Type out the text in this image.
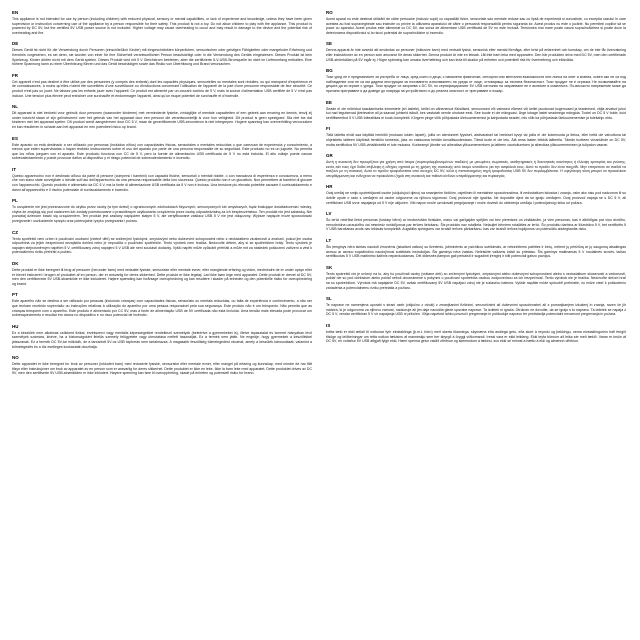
EN
This appliance is not intended for use by person (including children) with reduced physical, sensory or mental capabilities, or lack of experience and knowledge, unless they have been given supervision or instruction concerning use of the appliance by a person responsible for their safety. This product is not a toy. Do not allow children to play with the appliance. This product is powered by DC 5V, but the certified 5V USB power source is not included. Higher voltage may cause overheating to occur and may result in damage to the device and the potential risk of overheating and fire.
DE
Dieses Gerät ist nicht für die Verwendung durch Personen (einschließlich Kinder) mit eingeschränkten körperlichen, sensorischen oder geistigen Fähigkeiten oder mangelnder Erfahrung und Kenntnis vorgesehen, es sei denn, sie wurden von einer für ihre Sicherheit verantwortlichen Person beaufsichtigt oder in die Verwendung des Geräts eingewiesen. Dieses Produkt ist kein Spielzeug. Kinder dürfen nicht mit dem Gerät spielen. Dieses Produkt wird mit 5 V Gleichstrom betrieben, aber die zertifizierte 5-V-USB-Stromquelle ist nicht im Lieferumfang enthalten. Eine höhere Spannung kann zu einer Überhitzung führen und das Gerät beschädigen sowie das Risiko von Überhitzung und Brand verursachen.
FR
Cet appareil n'est pas destiné à être utilisé par des personnes (y compris des enfants) dont les capacités physiques, sensorielles ou mentales sont réduites, ou qui manquent d'expérience et de connaissances, à moins qu'elles n'aient été surveillées d'une surveillance ou d'instructions concernant l'utilisation de l'appareil de la part d'une personne responsable de leur sécurité. Ce produit n'est pas un jouet. Ne laissez pas les enfants jouer avec l'appareil. Ce produit est alimenté par un courant continu de 5 V, mais la source d'alimentation USB certifiée de 5 V n'est pas incluse. Une tension plus élevée peut entraîner une surchauffe et endommager l'appareil, ainsi qu'un risque potentiel de surchauffe et d'incendie.
NL
Dit apparaat is niet bedoeld voor gebruik door personen (waaronder kinderen) met verminderde fysieke, zintuiglijke of mentale capaciteiten of een gebrek aan ervaring en kennis, tenzij zij onder toezicht staan of zijn geïnstrueerd over het gebruik van het apparaat door een persoon die verantwoordelijk is voor hun veiligheid. Dit product is geen speelgoed. Sta niet toe dat kinderen met het apparaat spelen. Dit product wordt aangedreven door DC 5 V, maar de gecertificeerde USB-stroombron is niet inbegrepen. Hogere spanning kan oververhitting veroorzaken en kan resulteren in schade aan het apparaat en een potentieel risico op brand.
ES
Este aparato no está destinado a ser utilizado por personas (incluidos niños) con capacidades físicas, sensoriales o mentales reducidas o que carezcan de experiencia y conocimiento, a menos que estén supervisadas o hayan recibido instrucciones sobre el uso del aparato por parte de una persona responsable de su seguridad. Este producto no es un juguete. No permita que los niños jueguen con el aparato. Este producto funciona con CC de 5 V, pero la fuente de alimentación USB certificada de 5 V no está incluida. El alto voltaje puede causar sobrecalentamiento y puede provocar daños al dispositivo y el riesgo potencial de sobrecalentamiento e incendio.
IT
Questo apparecchio non è destinato all'uso da parte di persone (compresi i bambini) con capacità fisiche, sensoriali o mentali ridotte, o con mancanza di esperienza e conoscenza, a meno che non siano state sorvegliate o istruite sull'uso dell'apparecchio da una persona responsabile della loro sicurezza. Questo prodotto non è un giocattolo. Non permettere ai bambini di giocare con l'apparecchio. Questo prodotto è alimentato da DC 5 V, ma la fonte di alimentazione USB certificata da 5 V non è inclusa. Una tensione più elevata potrebbe causare il surriscaldamento e danni all'apparecchio e il rischio potenziale di surriscaldamento e incendio.
PL
To urządzenie nie jest przeznaczone do użytku przez osoby (w tym dzieci) o ograniczonych zdolnościach fizycznych, sensorycznych lub umysłowych, bądź brakujące doświadczenia i wiedzy, chyba że znajdują się pod nadzorem lub zostały poinstruowane o prawidłowym użytkowaniu urządzenia przez osobę odpowiedzialną za ich bezpieczeństwo. Ten produkt nie jest zabawką. Nie pozwalaj dzieciom bawić się urządzeniem. Ten produkt jest zasilany napięciem stałym 5 V, ale certyfikowane zasilacz USB 5 V nie jest dołączony. Wyższe napięcie może spowodować przegrzanie i uszkodzenie sprzętu oraz potencjalne ryzyko przegrzania i pożaru.
CZ
Tento spotřebič není určen k používání osobami (včetně dětí) se sníženými fyzickými, smyslovými nebo duševními schopnostmi nebo s nedostatkem zkušeností a znalostí, pokud jim osoba odpovědná za jejich bezpečnost nezajistila dohled nebo je nepoučila o používání spotřebiče. Tento výrobek není hračka. Nedovolte dětem, aby si se spotřebičem hrály. Tento výrobek je napájen stejnosměrným napětím 5 V, certifikovaný zdroj napájení 5 V USB ale není součástí dodávky. Vyšší napětí může způsobit přehřátí a může mít za následek poškození zařízení a vést k potenciálnímu riziku přehřátí a požáru.
DK
Dette produkt er ikke beregnet til brug af personer (herunder børn) med nedsatte fysiske, sensoriske eller mentale evner, eller manglende erfaring og viden, medmindre de er under opsyn eller er blevet instrueret i brugen af produktet af en person, der er ansvarlig for deres sikkerhed. Dette produkt er ikke legetøj. Lad ikke børn lege med apparatet. Dette produkt er drevet af DC 5V, men den certificerede 5V USB-strømkilde er ikke inkluderet. Højere spænding kan forårsage overophedning og kan resultere i skader på enheden og den potentielle risiko for overophedning og brand.
PT
Este aparelho não se destina a ser utilizado por pessoas (incluindo crianças) com capacidades físicas, sensoriais ou mentais reduzidas, ou falta de experiência e conhecimento, a não ser que tenham recebido supervisão ou instruções relativas à utilização do aparelho por uma pessoa responsável pela sua segurança. Este produto não é um brinquedo. Não permita que as crianças brinquem com o aparelho. Este produto é alimentado por CC 5V, mas a fonte de alimentação USB de 5V certificada não está incluída. Uma tensão mais elevada pode provocar um sobreaquecimento e resultar em danos no dispositivo e no risco potencial de incêndio.
HU
Ez a készülék nem alkalmas csökkent fizikai, érzékszervi vagy mentális képességekkel rendelkező személyek (beleértve a gyermekeket is), illetve tapasztalat és ismeret hiányában lévő személyek számára, kivéve, ha a biztonságukért felelős személy felügyelete vagy útmutatása mellett használják. Ez a termék nem játék. Ne engedje, hogy gyermekek a készülékkel játsszanak. Ez a termék DC 5V-tal működik, de a tanúsított 5V-os USB tápforrás nem tartalmazza. A magasabb feszültség túlmelegedést okozhat, amely a készülék károsodását, valamint a túlmelegedés és a tűz esetleges kockázatát okozhatja.
NO
Dette apparatet er ikke beregnet for bruk av personer (inkludert barn) med reduserte fysiske, sensoriske eller mentale evner, eller mangel på erfaring og kunnskap, med mindre de har fått tilsyn eller instruksjoner om bruk av apparatet av en person som er ansvarlig for deres sikkerhet. Dette produktet er ikke en leke. Ikke la barn leke med apparatet. Dette produktet drives av DC 5V, men den sertifiserte 5V USB-strømkilden er ikke inkludert. Høyere spenning kan føre til overoppheting, skade på enheten og potensiell risiko for brann.
RO
Acest aparat nu este destinat utilizării de către persoane (inclusiv copii) cu capacități fizice, senzoriale sau mentale reduse sau cu lipsă de experiență și cunoștințe, cu excepția cazului în care acestea au fost supravegheate sau instruite cu privire la utilizarea aparatului de către o persoană responsabilă pentru siguranța lor. Acest produs nu este o jucărie. Nu permiteți copiilor să se joace cu aparatul. Acest produs este alimentat cu DC 5V, dar sursa de alimentare USB certificată de 5V nu este inclusă. Tensiunea mai mare poate cauza supraîncălzirea și poate duce la deteriorarea dispozitivului și la riscul potențial de supraîncălzire și incendiu.
SE
Denna apparat är inte avsedd att användas av personer (inklusive barn) med nedsatt fysisk, sensorisk eller mental förmåga, eller brist på erfarenhet och kunskap, om de inte får övervakning eller instruktioner av en person som ansvarar för deras säkerhet. Denna produkt är inte en leksak. Låt inte barn leka med apparaten. Den här produkten drivs med DC 5V, men den certifierade USB-strömkällan på 5V ingår ej. Högre spänning kan orsaka överhettning och kan leda till skador på enheten och potentiell risk för överhettning och eldsvåda.
BG
Този уред не е предназначен за употреба от лица, сред които и деца, с намалени физически, сензорни или ментални възможности или липса на опит и знания, освен ако не са под наблюдение или не са им дадени инструкции за ползването използването на уреда от лице, отговарящо за тяхната безопасност. Този продукт не е играчка. Не позволявайте на децата да си играят с уреда. Този продукт се захранва с DC 5V, но сертифицираният 5V USB източник на захранване не е включен в комплекта. По-високото напрежение може да причини прегряване и да доведе до повреда на устройството и до реална опасност от прегряване и пожар.
EE
Seade ei ole mõeldud kasutamiseks inimestele (sh lastele), kellel on vähenenud füüsilised, sensoorsed või vaimsed võimed või kellel puuduvad kogemused ja teadmised, välja arvatud juhul kui nad tegutsevad järelevalve all ja saavad juhiseid isikult, kes vastutab nende ohutuse eest. See toode ei ole mänguasi. Ärge lubage lastel seadmega mängida. Tootel on DC 5 V toide, kuid sertifitseeritud 5 V USB toiteallikas ei kuulu komplekti. Kõrgem pinge võib põhjustada ülekuumenemist ja kahjustada seadet, mis võib ka põhjustada ülekuumenemise ja tulekahju ohtu.
FI
Tätä laitetta eivät saa käyttää henkilöt (mukaan lukien lapset), joilla on alentuneet fyysiset, aistivaraiset tai henkiset kyvyt tai joilla ei ole kokemusta ja tietoa, ellei heitä ole valvottuna tai ohjeistettu laitteen käytöstä henkilön toimesta, joka on vastuussa heidän turvallisuudestaan. Tämä tuote ei ole lelu. Älä anna lasten leikkiä laitteella. Tämän tuotteen virranlähde on DC 5V, mutta sertifioitua 5V USB-virtalähdettä ei tule mukana. Korkeampi jännite voi aiheuttaa ylikuumenemisen ja laitteen vaurioitumisen ja aiheuttaa ylikuumenemisen ja tulipalon vaaran.
GR
Αυτή η συσκευή δεν προορίζεται για χρήση από άτομα (συμπεριλαμβανομένων παιδιών) με μειωμένες σωματικές, αισθητηριακές ή διανοητικές ικανότητες ή έλλειψη εμπειρίας και γνώσης, εκτός εάν τους έχει δοθεί επίβλεψη ή οδηγίες σχετικά με τη χρήση της συσκευής από άτομο υπεύθυνο για την ασφάλειά τους. Αυτό το προϊόν δεν είναι παιχνίδι. Μην επιτρέπετε σε παιδιά να παίζουν με τη συσκευή. Αυτό το προϊόν τροφοδοτείται από συνεχές DC 5V, αλλά η πιστοποιημένη πηγή τροφοδοσίας USB 5V δεν περιλαμβάνεται. Η υψηλότερη τάση μπορεί να προκαλέσει υπερθέρμανση και ενδέχεται να προκαλέσει ζημιά στη συσκευή και πιθανό κίνδυνο υπερθέρμανσης και πυρκαγιάς.
HR
Ovaj uređaj ne smiju upotrebljavati osobe (uključujući djecu) sa smanjenim fizičkim, osjetilnim ili mentalnim sposobnostima, ili nedostatkom iskustva i znanja, osim ako nisu pod nadzorom ili su dobile upute o radu s uređajem od osobe odgovorne za njihovu sigurnost. Ovaj proizvod nije igračka. Ne dopustite djeci da se igraju uređajem. Ovaj proizvod napaja se s DC 5 V, ali certificirani USB izvor napajanja od 5 V nije uključen. Viši napon može uzrokovati pregrijavanje i može dovesti do oštećenja uređaja i potencijalnog rizika od požara.
LV
Šo ierīci nedrīkst lietot personas (tostarp bērni) ar ierobežotām fiziskām, maņu vai garīgajām spējām vai bez pieredzes un zināšanām, ja vien personas, kas ir atbildīgas par viņu drošību, nenodrošina uzraudzību vai nesniedz norādījumus par ierīces lietošanu. Šis produkts nav rotaļlieta. Neļaujiet bērniem rotaļāties ar ierīci. Šo produktu darbina ar līdzstrāvu 5 V, bet sertificēts 5 V USB barošanas avots nav iekļauts komplektā. Augstāks spriegums var izraisīt ierīces pārkaršanu, kas var izraisīt ierīces bojājumus un potenciālu aizdegšanās risku.
LT
Šis įrenginys nėra skirtas naudoti žmonėms (įskaitant vaikus) su fizinėmis, jutiminėmis ar psichikos sutrikimais, ar neturintiems patirties ir žinių, nebent jų priežiūrą ar jų saugumą atsakingas asmuo ar asmuo supažindino naudojimosi suteiktais instrukcijas. Šis gaminys nėra žaislas. Neleiskite vaikams žaisti su prietaisu. Šis gaminys maitinamas 5 V nuolatinės srovės, tačiau sertifikuotas 5 V USB maitinimo šaltinis neparduodamas. Dėl didesnės įtampos gali perkaisti ir sugadinti įrenginį ir kilti potenciali gaisro pavojus.
SK
Tento spotrebič nie je určený na to, aby ho používali osoby (vrátane detí) so zníženými fyzickými, zmyslovými alebo duševnými schopnosťami alebo s nedostatkom skúseností a vedomostí, pokiaľ nie sú pod dohľadom alebo pokiaľ neboli oboznámené s pokynmi o používaní spotrebiča osobou zodpovednou za ich bezpečnosť. Tento výrobok nie je hračka. Nedovoľte deťom hrať sa so spotrebičom. Výrobok má napájanie DC 5V, avšak certifikovaný 5V USB napájací zdroj nie je súčasťou balenia. Vyššie napätie môže spôsobiť prehriatie, čo môže viesť k poškodeniu zariadenia a potenciálnemu riziku prehriatia a požiaru.
SL
Te naprave ne namenjena uporabi s strani oseb (vključno z otroki) z zmanjšanimi fizičnimi, senzoričnimi ali duševnimi sposobnostmi ali s pomanjkanjem izkušenj in znanja, razen če jih nadzira, ki je odgovorna za njihovo varnost, nadzoruje ali jim daje navodila glede uporabe naprave. Ta izdelek ni igrača. Otrokom ne dovolite, da se igrajo s to napravo. Ta izdelek se napaja z DC 5 V, vendar certificiran 5 V vir napajanja USB ni priložen. Višja napetost lahko povzroči pregrevanje in poškoduje napravo ter predstavlja potencialni nevarnost pregrevanja in požara.
IS
Þetta tæki er ekki ætlað til notkunar fyrir einstaklinga (þ.m.t. börn) með skerta líkamlega, skynræna eða andlega getu, eða skort á reynslu og þekkingu, nema einstaklingurinn hafi fengið tilsögn og leiðbeiningar um rétta notkun tækisins af manneskju sem ber ábyrgð á öryggi viðkomandi. Þessi vara er ekki leikfang. Ekki leyfa börnum að leika sér með tækið. Varan er knúin af DC 5V, en vottaður 5V USB aflgjafi fylgir ekki. Hærri spenna getur valdið ofhitnun og skemmdum á tækinu, svo ekki sé minnst á hættu á eldi og almennri ofhitnun.
